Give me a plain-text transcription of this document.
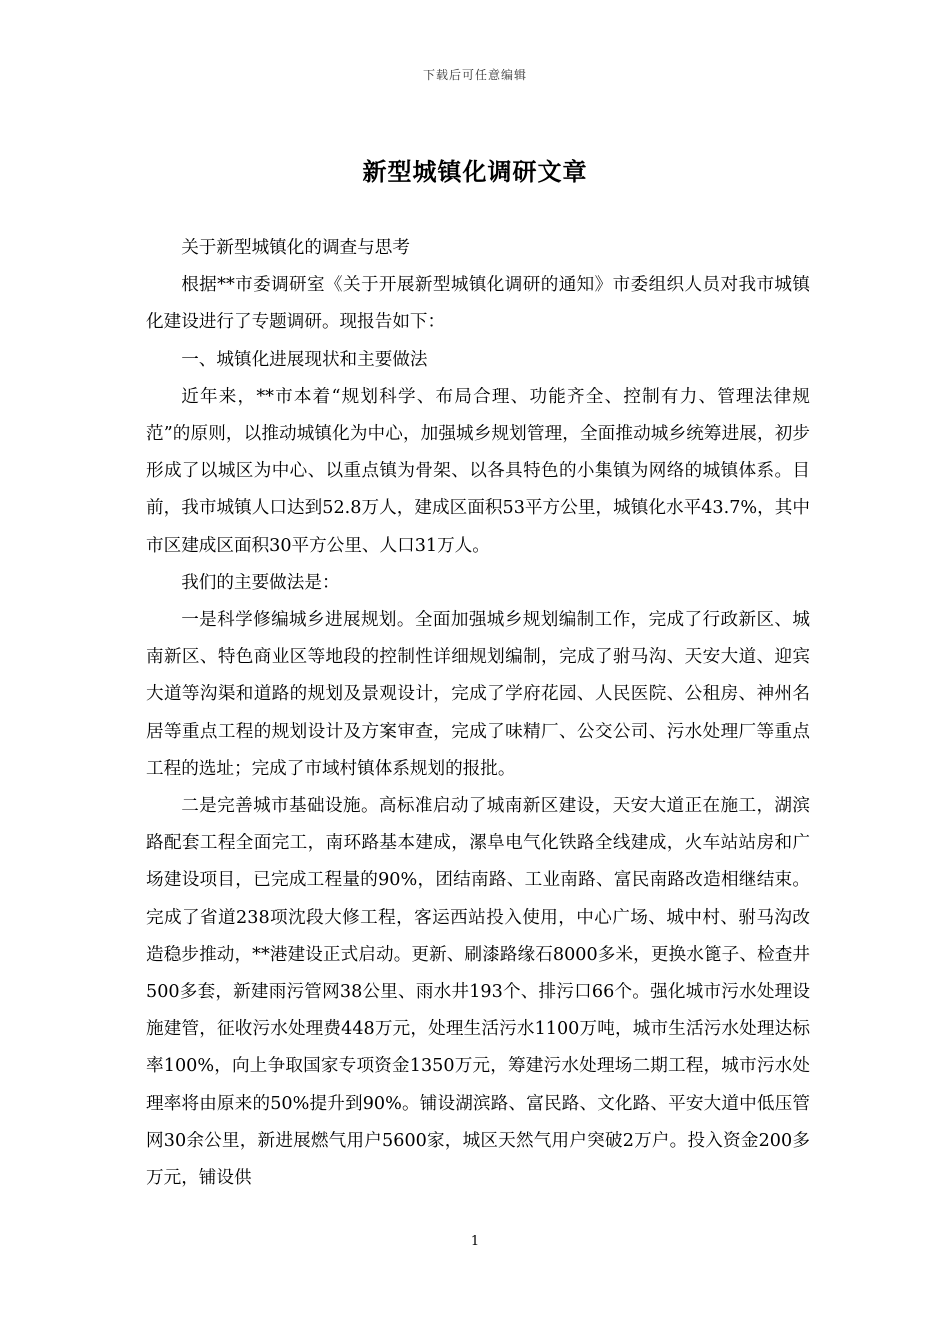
下载后可任意编辑
新型城镇化调研文章

关于新型城镇化的调查与思考

根据**市委调研室《关于开展新型城镇化调研的通知》市委组织人员对我市城镇化建设进行了专题调研。现报告如下：

一、城镇化进展现状和主要做法

近年来，**市本着“规划科学、布局合理、功能齐全、控制有力、管理法律规范”的原则，以推动城镇化为中心，加强城乡规划管理，全面推动城乡统筹进展，初步形成了以城区为中心、以重点镇为骨架、以各具特色的小集镇为网络的城镇体系。目前，我市城镇人口达到52.8万人，建成区面积53平方公里，城镇化水平43.7%，其中市区建成区面积30平方公里、人口31万人。

我们的主要做法是：

一是科学修编城乡进展规划。全面加强城乡规划编制工作，完成了行政新区、城南新区、特色商业区等地段的控制性详细规划编制，完成了驸马沟、天安大道、迎宾大道等沟渠和道路的规划及景观设计，完成了学府花园、人民医院、公租房、神州名居等重点工程的规划设计及方案审查，完成了味精厂、公交公司、污水处理厂等重点工程的选址；完成了市域村镇体系规划的报批。

二是完善城市基础设施。高标准启动了城南新区建设，天安大道正在施工，湖滨路配套工程全面完工，南环路基本建成，漯阜电气化铁路全线建成，火车站站房和广场建设项目，已完成工程量的90%，团结南路、工业南路、富民南路改造相继结束。完成了省道238项沈段大修工程，客运西站投入使用，中心广场、城中村、驸马沟改造稳步推动，**港建设正式启动。更新、刷漆路缘石8000多米，更换水篦子、检查井500多套，新建雨污管网38公里、雨水井193个、排污口66个。强化城市污水处理设施建管，征收污水处理费448万元，处理生活污水1100万吨，城市生活污水处理达标率100%，向上争取国家专项资金1350万元，筹建污水处理场二期工程，城市污水处理率将由原来的50%提升到90%。铺设湖滨路、富民路、文化路、平安大道中低压管网30余公里，新进展燃气用户5600家，城区天然气用户突破2万户。投入资金200多万元，铺设供

1
